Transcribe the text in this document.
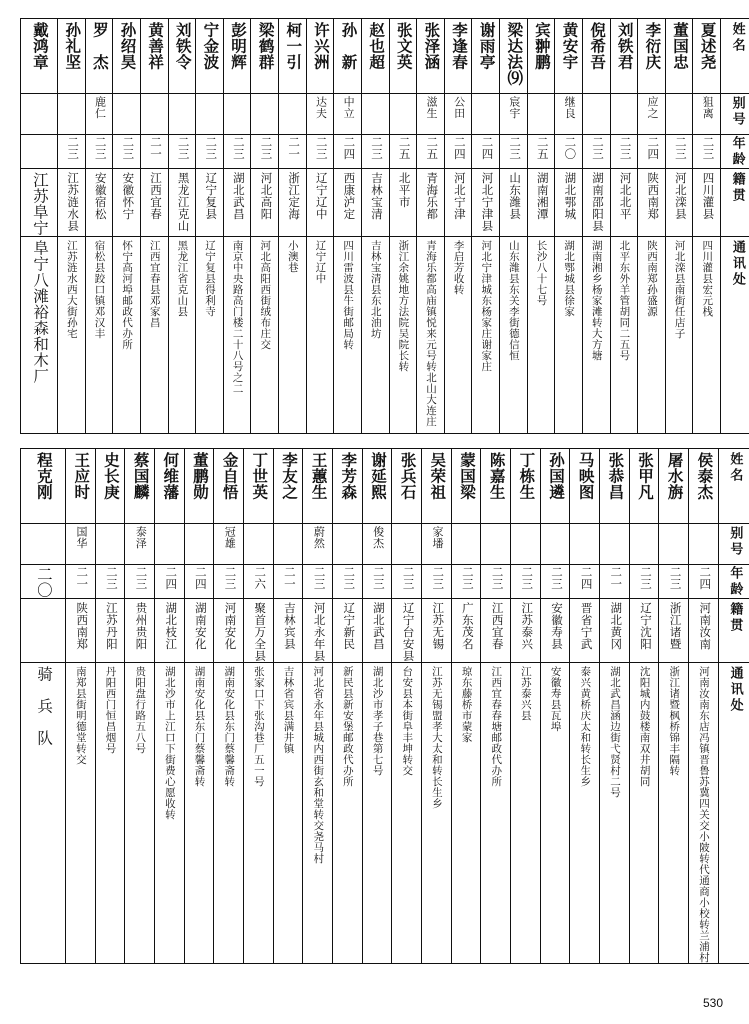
戴鸿章	孙礼坚	罗　杰	孙绍昊	黄善祥	刘铁令	宁金波	彭明辉	梁鹤群	柯一引	许兴洲	孙　新	赵也超	张文英	张泽涵	李逢春	谢雨亭	梁达法⑼	宾翀鹏	黄安宇	倪希吾	刘铁君	李衍庆	董国忠	夏述尧	姓名

		鹿仁								达夫	中立			滋生	公田		宸宇		继良			应之		狙离	别号

	二三	二三	二三	二一	二三	二三	二三	二三	二一	二三	二四	二三	二五	二五	二四	二四	二三	二五	二〇	二三	二三	二四	二三	二三	年龄

江苏阜宁	江苏涟水县	安徽宿松	安徽怀宁	江西宜春	黑龙江克山	辽宁复县	湖北武昌	河北高阳	浙江定海	辽宁辽中	西康泸定	吉林宝清	北平市	青海乐都	河北宁津	河北宁津县	山东潍县	湖南湘潭	湖北鄂城	湖南邵阳县	河北北平	陕西南郑	河北滦县	四川灌县	籍贯

阜宁八滩裕森和木厂	江苏涟水西大街孙宅	宿松县跤口镇邓汉丰	怀宁高河埠邮政代办所	江西宜春县邓家昌	黑龙江省克山县	辽宁复县得利寺	南京中央路高门楼二十八号之二	河北高阳西街绒布庄交	小澳巷	辽宁辽中	四川雷波县牛街邮局转	吉林宝清县东北油坊	浙江余姚地方法院吴院长转	青海乐都高庙镇悦来元号转北山大连庄	李启芳收转	河北宁津城东杨家庄谢家庄	山东潍县东关李街德信恒	长沙八十七号	湖北鄂城县徐家	湖南湘乡杨家滩转大方塘	北平东外羊管胡同二五号	陕西南郑孙盛源	河北滦县南街任店子	四川灌县宏元栈	通讯处
程克刚	王应时	史长庚	蔡国麟	何维藩	董鹏勋	金自悟	丁世英	李友之	王蕙生	李芳森	谢延熙	张兵石	吴荣祖	蒙国梁	陈嘉生	丁栋生	孙国遴	马映图	张恭昌	张甲凡	屠水旃	侯泰杰	姓名

	国华		泰泽			冠雄			蔚然		俊杰		家墦										别号

二〇	二一	二三	二三	二四	二四	二三	二六	二一	二三	二三	二三	二三	二三	二三	二三	二三	二三	二四	二一	二三	二三	二四	年龄

	陕西南郑	江苏丹阳	贵州贵阳	湖北枝江	湖南安化	河南安化	聚首万全县	吉林宾县	河北永年县	辽宁新民	湖北武昌	辽宁台安县	江苏无锡	广东茂名	江西宜春	江苏泰兴	安徽寿县	晋省宁武	湖北黄冈	辽宁沈阳	浙江诸暨	河南汝南	籍贯

骑　兵　队	南郑县街明德堂转交	丹阳西门恒昌烟号	贵阳盘行路五八号	湖北沙市上江口下街费心愿收转	湖南安化县东门蔡馨斋转	湖南安化县东门蔡馨斋转	张家口下张沟巷厂五一号	吉林省宾县满井镇	河北省永年县城内西街玄和堂转交尧马村	新民县新安堡邮政代办所	湖北沙市孝子巷第七号	台安县本街阜丰坤转交	江苏无锡盟孝大太和转长生乡	琼东藤桥市蒙家	江西宜春春塘邮政代办所	江苏泰兴县	安徽寿县瓦埠	泰兴黄桥庆太和转长生乡	湖北武昌涵边街弋贤村二号	沈阳城内鼓楼南双井胡同	浙江诸暨枫桥锦丰隔转	河南汝南东店冯镇晋鲁苏冀四关交小陂转代通商小校转兰浦村	通讯处
530
